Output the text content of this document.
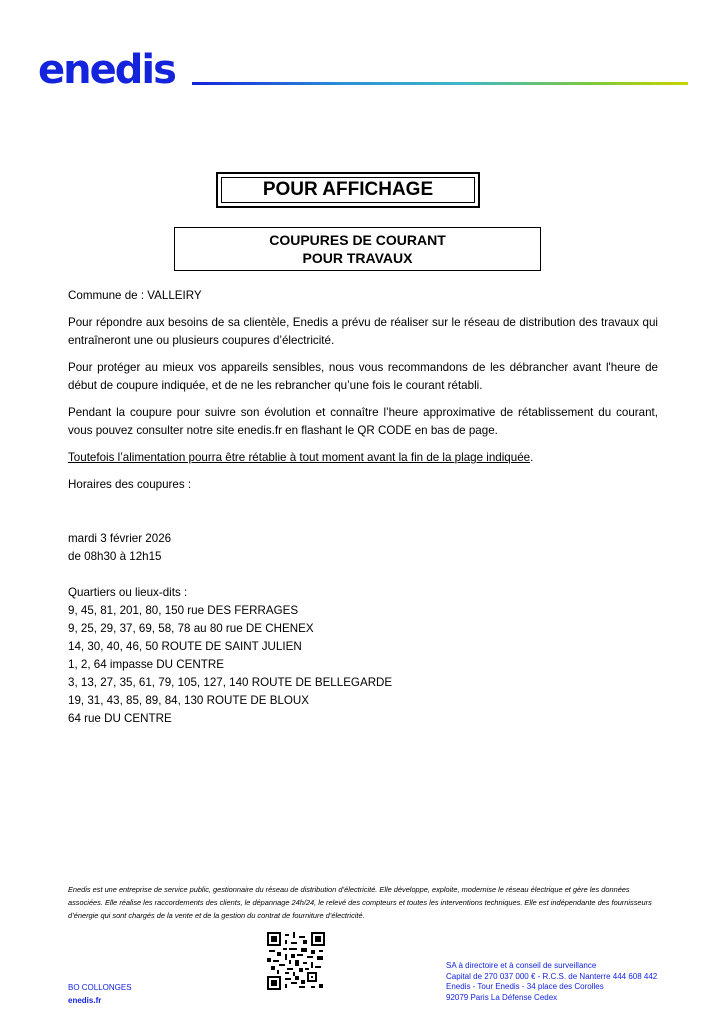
enedis
POUR AFFICHAGE
COUPURES DE COURANT
POUR TRAVAUX

Commune de : VALLEIRY

Pour répondre aux besoins de sa clientèle, Enedis a prévu de réaliser sur le réseau de distribution des travaux qui entraîneront une ou plusieurs coupures d’électricité.

Pour protéger au mieux vos appareils sensibles, nous vous recommandons de les débrancher avant l'heure de début de coupure indiquée, et de ne les rebrancher qu’une fois le courant rétabli.

Pendant la coupure pour suivre son évolution et connaître l’heure approximative de rétablissement du courant, vous pouvez consulter notre site enedis.fr en flashant le QR CODE en bas de page.

Toutefois l’alimentation pourra être rétablie à tout moment avant la fin de la plage indiquée.

Horaires des coupures :

mardi 3 février 2026
de 08h30 à 12h15
Quartiers ou lieux-dits :
9, 45, 81, 201, 80, 150 rue DES FERRAGES
9, 25, 29, 37, 69, 58, 78 au 80 rue DE CHENEX
14, 30, 40, 46, 50 ROUTE DE SAINT JULIEN
1, 2, 64 impasse DU CENTRE
3, 13, 27, 35, 61, 79, 105, 127, 140 ROUTE DE BELLEGARDE
19, 31, 43, 85, 89, 84, 130 ROUTE DE BLOUX
64 rue DU CENTRE
Enedis est une entreprise de service public, gestionnaire du réseau de distribution d’électricité. Elle développe, exploite, modernise le réseau électrique et gère les données associées. Elle réalise les raccordements des clients, le dépannage 24h/24, le relevé des compteurs et toutes les interventions techniques. Elle est indépendante des fournisseurs d’énergie qui sont chargés de la vente et de la gestion du contrat de fourniture d’électricité.
BO COLLONGES
enedis.fr
SA à directoire et à conseil de surveillance
Capital de 270 037 000 € - R.C.S. de Nanterre 444 608 442
Enedis - Tour Enedis - 34 place des Corolles
92079 Paris La Défense Cedex
